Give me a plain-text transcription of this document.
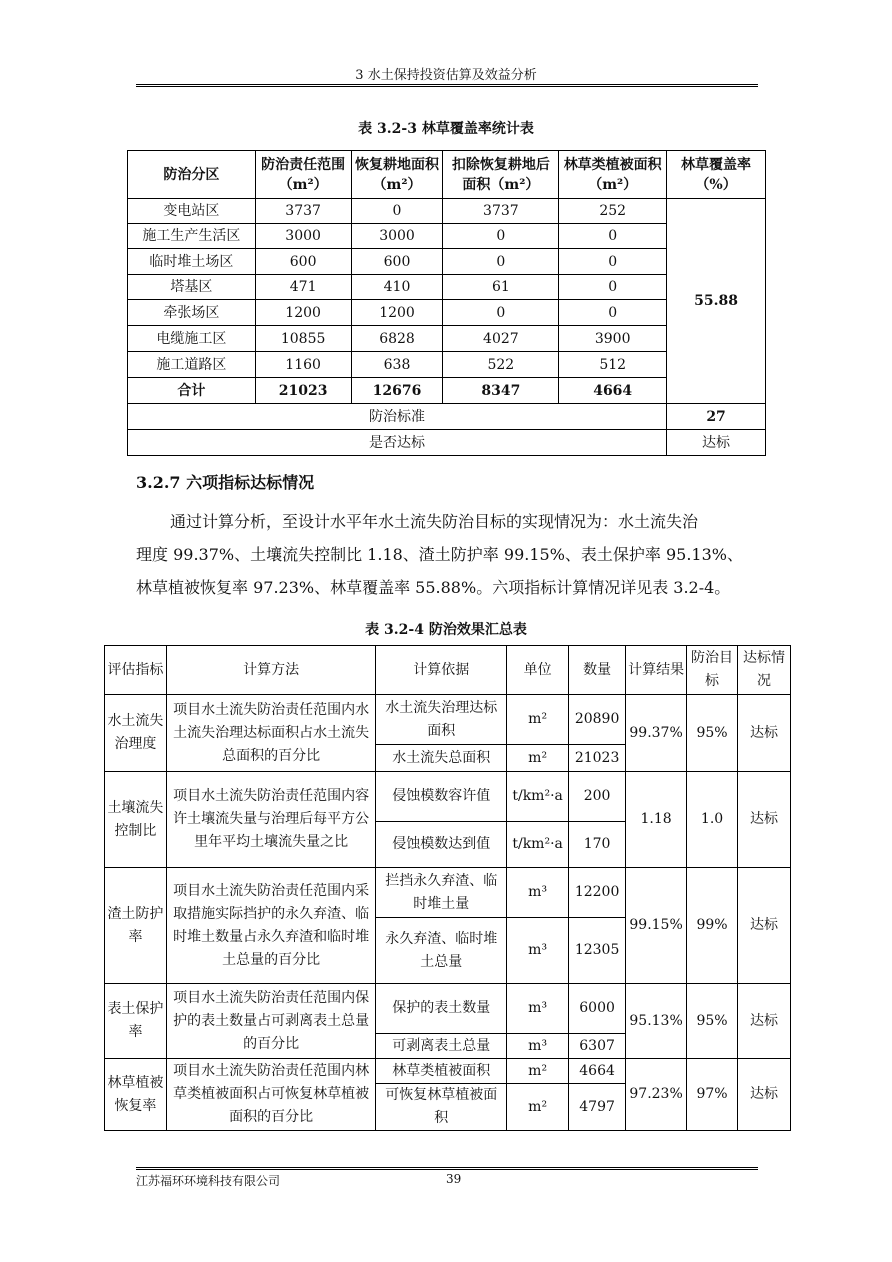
3 水土保持投资估算及效益分析
表 3.2-3 林草覆盖率统计表
防治分区	防治责任范围（m²）	恢复耕地面积（m²）	扣除恢复耕地后面积（m²）	林草类植被面积（m²）	林草覆盖率（%）
变电站区	3737	0	3737	252	55.88
施工生产生活区	3000	3000	0	0	
临时堆土场区	600	600	0	0	
塔基区	471	410	61	0	
牵张场区	1200	1200	0	0	
电缆施工区	10855	6828	4027	3900	
施工道路区	1160	638	522	512	
合计	21023	12676	8347	4664	
防治标准					27
是否达标					达标
3.2.7 六项指标达标情况
通过计算分析，至设计水平年水土流失防治目标的实现情况为：水土流失治
理度 99.37%、土壤流失控制比 1.18、渣土防护率 99.15%、表土保护率 95.13%、
林草植被恢复率 97.23%、林草覆盖率 55.88%。六项指标计算情况详见表 3.2-4。
表 3.2-4 防治效果汇总表
评估指标	计算方法	计算依据	单位	数量	计算结果	防治目标	达标情况
水土流失治理度	项目水土流失防治责任范围内水土流失治理达标面积占水土流失总面积的百分比	水土流失治理达标面积	m²	20890	99.37%	95%	达标
		水土流失总面积	m²	21023			
土壤流失控制比	项目水土流失防治责任范围内容许土壤流失量与治理后每平方公里年平均土壤流失量之比	侵蚀模数容许值	t/km²·a	200	1.18	1.0	达标
		侵蚀模数达到值	t/km²·a	170			
渣土防护率	项目水土流失防治责任范围内采取措施实际挡护的永久弃渣、临时堆土数量占永久弃渣和临时堆土总量的百分比	拦挡永久弃渣、临时堆土量	m³	12200	99.15%	99%	达标
		永久弃渣、临时堆土总量	m³	12305			
表土保护率	项目水土流失防治责任范围内保护的表土数量占可剥离表土总量的百分比	保护的表土数量	m³	6000	95.13%	95%	达标
		可剥离表土总量	m³	6307			
林草植被恢复率	项目水土流失防治责任范围内林草类植被面积占可恢复林草植被面积的百分比	林草类植被面积	m²	4664	97.23%	97%	达标
		可恢复林草植被面积	m²	4797			
江苏福环环境科技有限公司	39
